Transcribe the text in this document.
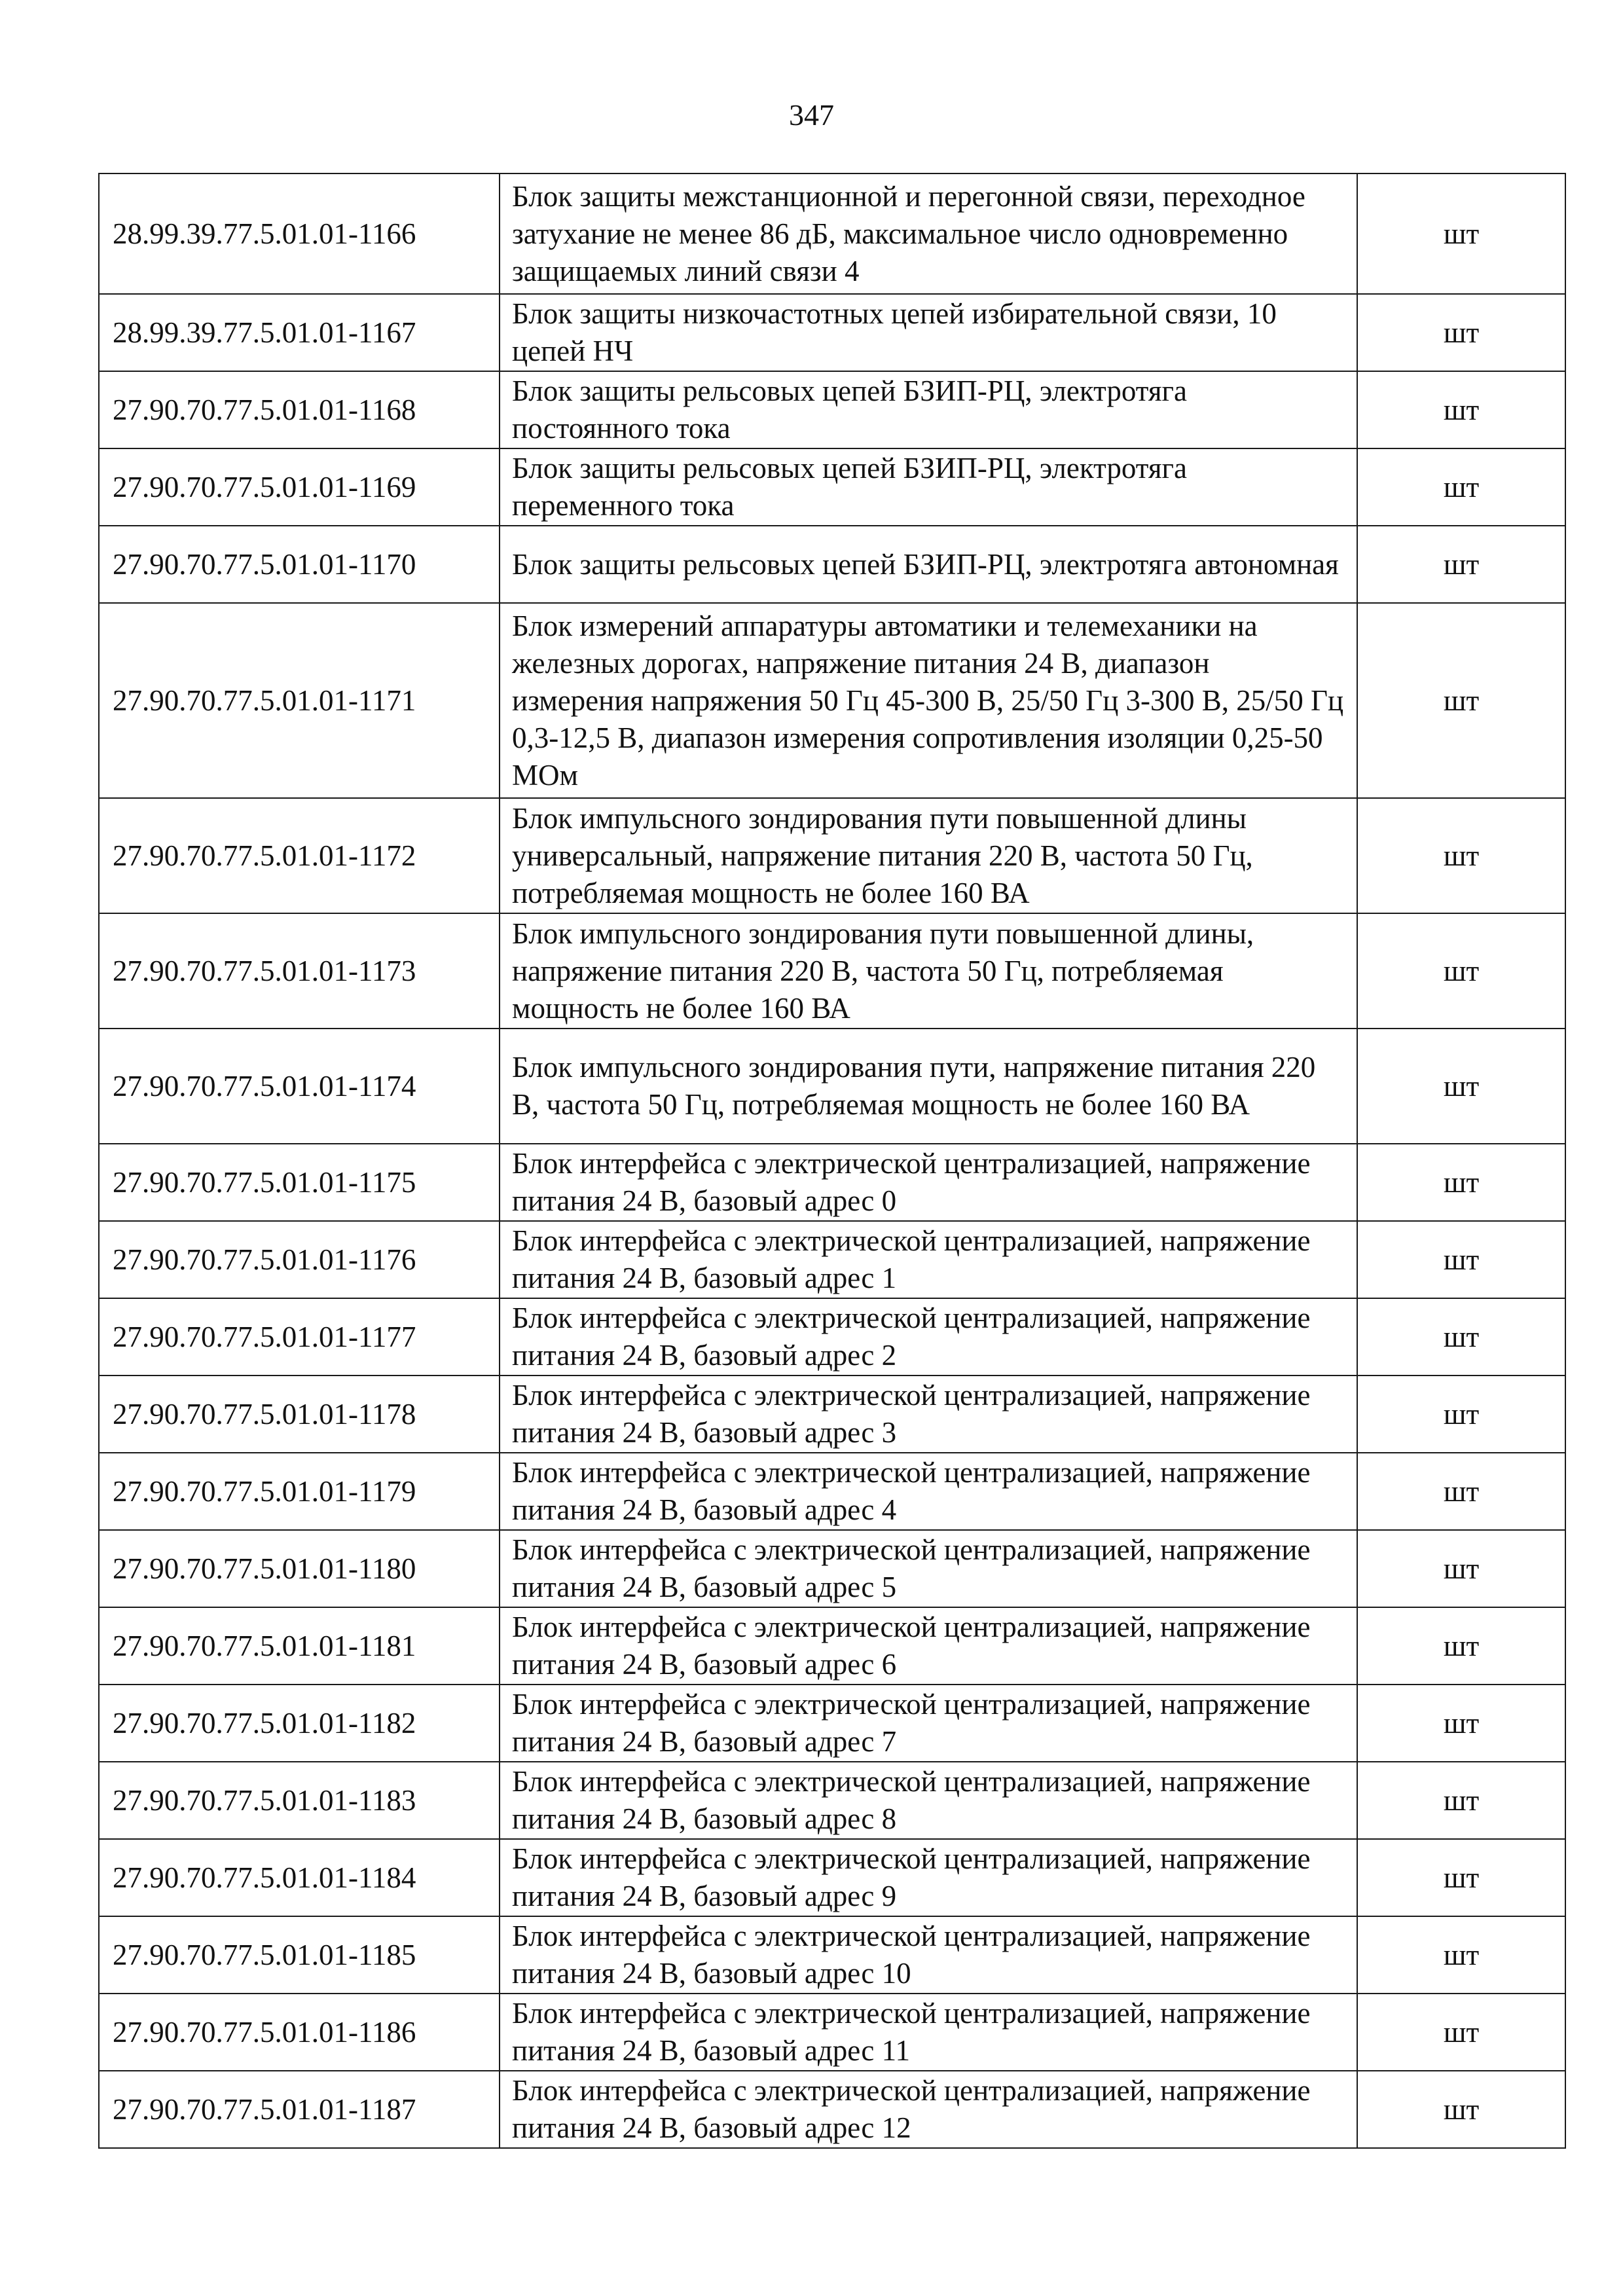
347
28.99.39.77.5.01.01-1166	Блок защиты межстанционной и перегонной связи, переходное затухание не менее 86 дБ, максимальное число одновременно защищаемых линий связи 4	шт
28.99.39.77.5.01.01-1167	Блок защиты низкочастотных цепей избирательной связи, 10 цепей НЧ	шт
27.90.70.77.5.01.01-1168	Блок защиты рельсовых цепей БЗИП-РЦ, электротяга постоянного тока	шт
27.90.70.77.5.01.01-1169	Блок защиты рельсовых цепей БЗИП-РЦ, электротяга переменного тока	шт
27.90.70.77.5.01.01-1170	Блок защиты рельсовых цепей БЗИП-РЦ, электротяга автономная	шт
27.90.70.77.5.01.01-1171	Блок измерений аппаратуры автоматики и телемеханики на железных дорогах, напряжение питания 24 В, диапазон измерения напряжения 50 Гц 45-300 В, 25/50 Гц 3-300 В, 25/50 Гц 0,3-12,5 В, диапазон измерения сопротивления изоляции 0,25-50 МОм	шт
27.90.70.77.5.01.01-1172	Блок импульсного зондирования пути повышенной длины универсальный, напряжение питания 220 В, частота 50 Гц, потребляемая мощность не более 160 ВА	шт
27.90.70.77.5.01.01-1173	Блок импульсного зондирования пути повышенной длины, напряжение питания 220 В, частота 50 Гц, потребляемая мощность не более 160 ВА	шт
27.90.70.77.5.01.01-1174	Блок импульсного зондирования пути, напряжение питания 220 В, частота 50 Гц, потребляемая мощность не более 160 ВА	шт
27.90.70.77.5.01.01-1175	Блок интерфейса с электрической централизацией, напряжение питания 24 В, базовый адрес 0	шт
27.90.70.77.5.01.01-1176	Блок интерфейса с электрической централизацией, напряжение питания 24 В, базовый адрес 1	шт
27.90.70.77.5.01.01-1177	Блок интерфейса с электрической централизацией, напряжение питания 24 В, базовый адрес 2	шт
27.90.70.77.5.01.01-1178	Блок интерфейса с электрической централизацией, напряжение питания 24 В, базовый адрес 3	шт
27.90.70.77.5.01.01-1179	Блок интерфейса с электрической централизацией, напряжение питания 24 В, базовый адрес 4	шт
27.90.70.77.5.01.01-1180	Блок интерфейса с электрической централизацией, напряжение питания 24 В, базовый адрес 5	шт
27.90.70.77.5.01.01-1181	Блок интерфейса с электрической централизацией, напряжение питания 24 В, базовый адрес 6	шт
27.90.70.77.5.01.01-1182	Блок интерфейса с электрической централизацией, напряжение питания 24 В, базовый адрес 7	шт
27.90.70.77.5.01.01-1183	Блок интерфейса с электрической централизацией, напряжение питания 24 В, базовый адрес 8	шт
27.90.70.77.5.01.01-1184	Блок интерфейса с электрической централизацией, напряжение питания 24 В, базовый адрес 9	шт
27.90.70.77.5.01.01-1185	Блок интерфейса с электрической централизацией, напряжение питания 24 В, базовый адрес 10	шт
27.90.70.77.5.01.01-1186	Блок интерфейса с электрической централизацией, напряжение питания 24 В, базовый адрес 11	шт
27.90.70.77.5.01.01-1187	Блок интерфейса с электрической централизацией, напряжение питания 24 В, базовый адрес 12	шт
